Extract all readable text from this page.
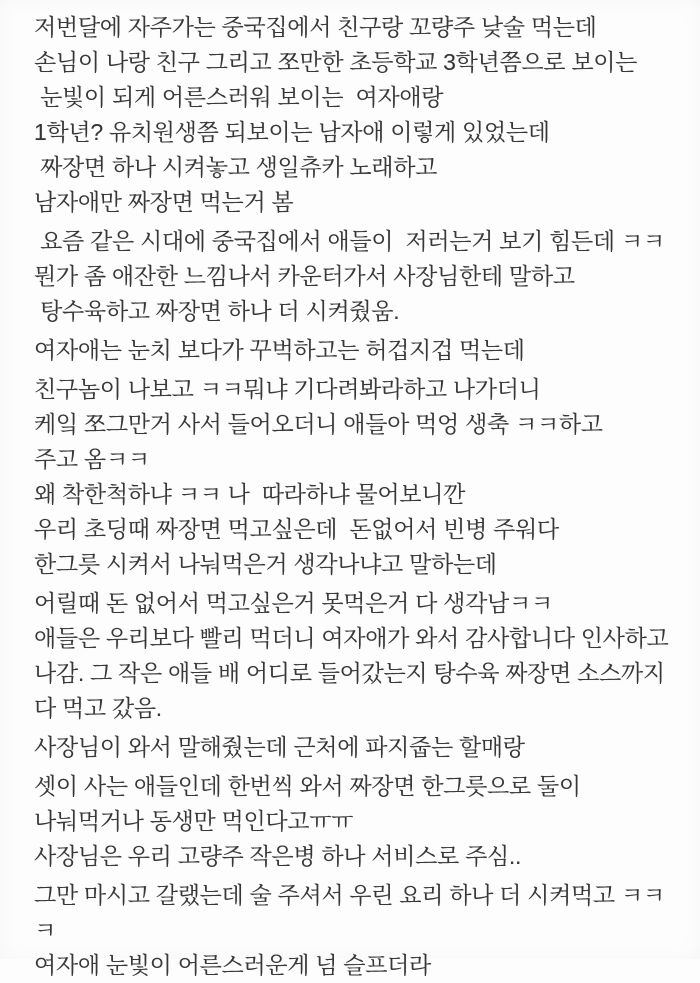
저번달에 자주가는 중국집에서 친구랑 꼬량주 낮술 먹는데
손님이 나랑 친구 그리고 쪼만한 초등학교 3학년쯤으로 보이는
눈빛이 되게 어른스러워 보이는  여자애랑
1학년? 유치원생쯤 되보이는 남자애 이렇게 있었는데
짜장면 하나 시켜놓고 생일츄카 노래하고
남자애만 짜장면 먹는거 봄
요즘 같은 시대에 중국집에서 애들이  저러는거 보기 힘든데 ㅋㅋ
뭔가 좀 애잔한 느낌나서 카운터가서 사장님한테 말하고
탕수육하고 짜장면 하나 더 시켜줬움.
여자애는 눈치 보다가 꾸벅하고는 허겁지겁 먹는데
친구놈이 나보고 ㅋㅋ뭐냐 기다려봐라하고 나가더니
케잌 쪼그만거 사서 들어오더니 애들아 먹엉 생축 ㅋㅋ하고
주고 옴ㅋㅋ
왜 착한척하냐 ㅋㅋ 나  따라하냐 물어보니깐
우리 초딩때 짜장면 먹고싶은데  돈없어서 빈병 주워다
한그릇 시켜서 나눠먹은거 생각나냐고 말하는데
어릴때 돈 없어서 먹고싶은거 못먹은거 다 생각남ㅋㅋ
애들은 우리보다 빨리 먹더니 여자애가 와서 감사합니다 인사하고
나감. 그 작은 애들 배 어디로 들어갔는지 탕수육 짜장면 소스까지
다 먹고 갔음.
사장님이 와서 말해줬는데 근처에 파지줍는 할매랑
셋이 사는 애들인데 한번씩 와서 짜장면 한그릇으로 둘이
나눠먹거나 동생만 먹인다고ㅠㅠ
사장님은 우리 고량주 작은병 하나 서비스로 주심..
그만 마시고 갈랬는데 술 주셔서 우린 요리 하나 더 시켜먹고 ㅋㅋㅋ
여자애 눈빛이 어른스러운게 넘 슬프더라
